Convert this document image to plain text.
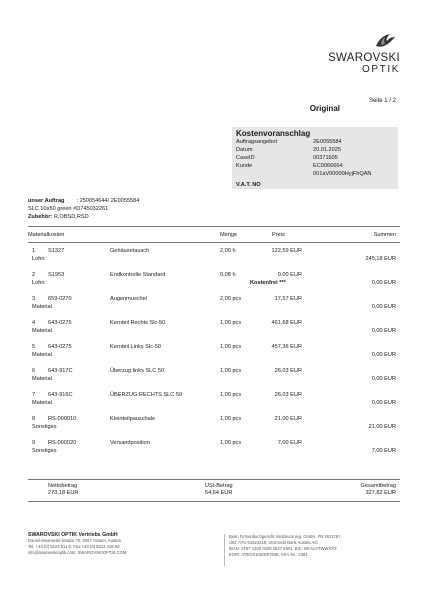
SWAROVSKI
OPTIK
Seite 1 / 2
Original
Kostenvoranschlag
Auftragsangebot	2E0055584
Datum	20.01.2025
CaseID	00371605
Kunde	EC0066664
001aV00000HyjFhQAN
V.A.T. NO
unser Auftrag : 250054644/ 2E0055584
SLC 10x50 green #D745032261
Zubehör: R,OBSD,RSD
Materialkosten	Menge	Preis	Summen
1 S1327	Gehäusetausch	2,00 h	122,59 EUR
Lohn	245,18 EUR
2 S1953	Endkontrolle Standard	0,08 h	0,00 EUR
Lohn	0,00 EUR
Kostenfrei ***
3 659-0270	Augenmuschel	2,00 pcs	17,57 EUR
Material	0,00 EUR
4 643-0276	Kernteil Rechts Slc-50	1,00 pcs	461,68 EUR
Material	0,00 EUR
5 643-0275	Kernteil Links Slc-50	1,00 pcs	457,36 EUR
Material	0,00 EUR
6 643-917C	Überzug links SLC 50	1,00 pcs	26,03 EUR
Material	0,00 EUR
7 643-916C	ÜBERZUG RECHTS SLC 50	1,00 pcs	26,03 EUR
Material	0,00 EUR
8 RS-000010	Kleinteilpauschale	1,00 pcs	21,00 EUR
Sonstiges	21,00 EUR
9 RS-000020	Versandposition	1,00 pcs	7,00 EUR
Sonstiges	7,00 EUR
Nettobetrag
273,18 EUR
USt-Betrag
54,64 EUR
Gesamtbetrag
327,82 EUR
SWAROVSKI OPTIK Vertriebs GmbH
Daniel-Swarovski-Straße 70, 6067 Absam, Austria
Tel. +43 (0) 5223 511-0, Fax +43 (0) 5223 418 60
info@swarovskioptik.com, SWAROVSKIOPTIK.COM
Beim Firmenbuchgericht Innsbruck reg. GmbH, FN 261178 t
UID: ATU 61624219, UniCredit Bank Austria AG
IBAN: AT67 1200 0330 2527 2801, BIC: BKAUATWWXXX
EORI: ATEOS1000007648, ARA-Nr.: 2381
